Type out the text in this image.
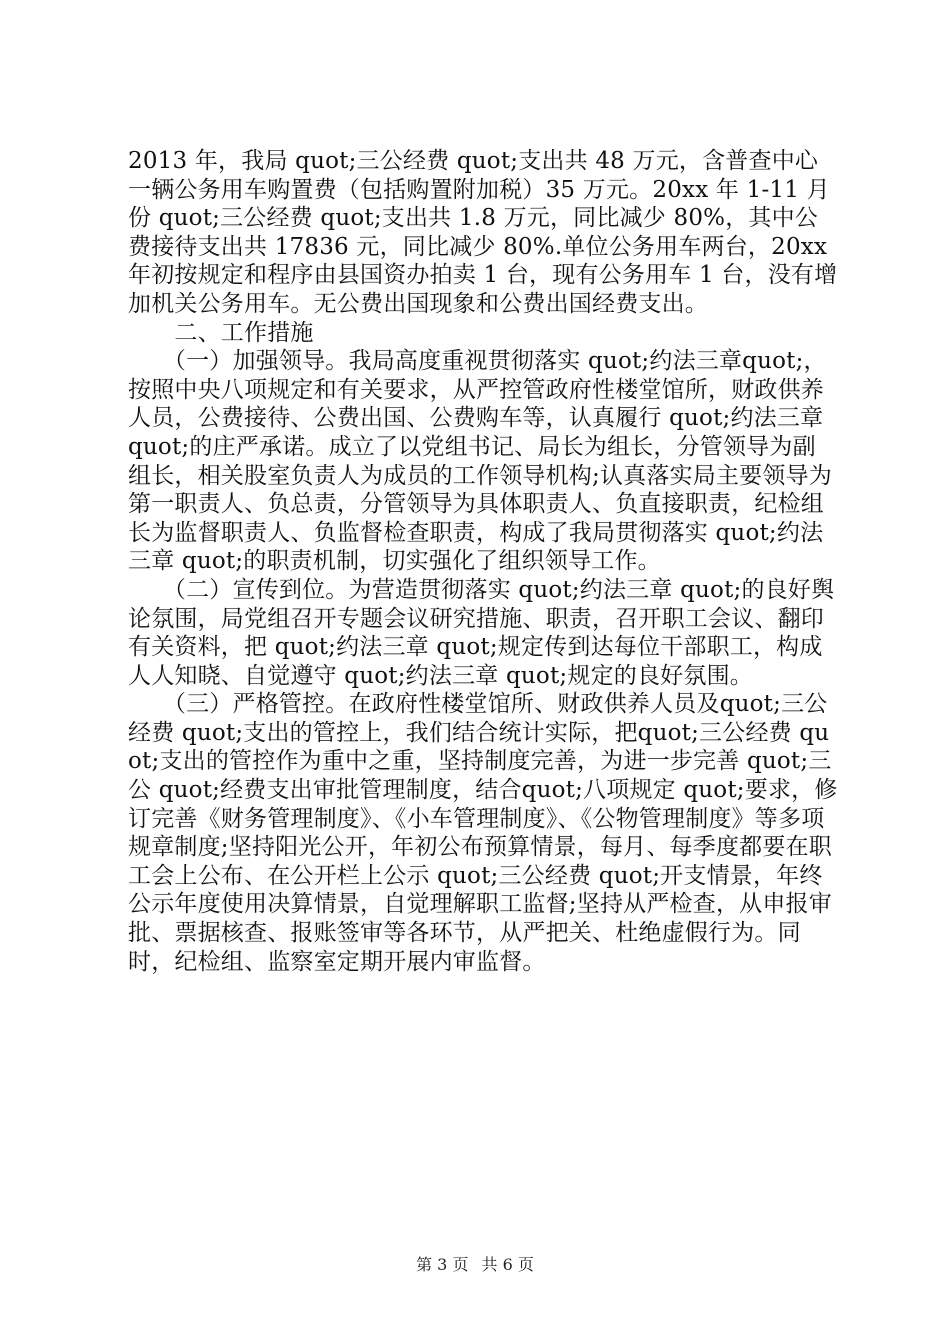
2013 年，我局 quot;三公经费 quot;支出共 48 万元，含普查中心一辆公务用车购置费（包括购置附加税）35 万元。20xx 年 1-11 月份 quot;三公经费 quot;支出共 1.8 万元，同比减少 80%，其中公费接待支出共 17836 元，同比减少 80%.单位公务用车两台，20xx 年初按规定和程序由县国资办拍卖 1 台，现有公务用车 1 台，没有增加机关公务用车。无公费出国现象和公费出国经费支出。

　　二、工作措施

　　（一）加强领导。我局高度重视贯彻落实 quot;约法三章quot;，按照中央八项规定和有关要求，从严控管政府性楼堂馆所，财政供养人员，公费接待、公费出国、公费购车等，认真履行 quot;约法三章 quot;的庄严承诺。成立了以党组书记、局长为组长，分管领导为副组长，相关股室负责人为成员的工作领导机构;认真落实局主要领导为第一职责人、负总责，分管领导为具体职责人、负直接职责，纪检组长为监督职责人、负监督检查职责，构成了我局贯彻落实 quot;约法三章 quot;的职责机制，切实强化了组织领导工作。

　　（二）宣传到位。为营造贯彻落实 quot;约法三章 quot;的良好舆论氛围，局党组召开专题会议研究措施、职责，召开职工会议、翻印有关资料，把 quot;约法三章 quot;规定传到达每位干部职工，构成人人知晓、自觉遵守 quot;约法三章 quot;规定的良好氛围。

　　（三）严格管控。在政府性楼堂馆所、财政供养人员及quot;三公经费 quot;支出的管控上，我们结合统计实际，把quot;三公经费 quot;支出的管控作为重中之重，坚持制度完善，为进一步完善 quot;三公 quot;经费支出审批管理制度，结合quot;八项规定 quot;要求，修订完善《财务管理制度》、《小车管理制度》、《公物管理制度》等多项规章制度;坚持阳光公开，年初公布预算情景，每月、每季度都要在职工会上公布、在公开栏上公示 quot;三公经费 quot;开支情景，年终公示年度使用决算情景，自觉理解职工监督;坚持从严检查，从申报审批、票据核查、报账签审等各环节，从严把关、杜绝虚假行为。同时，纪检组、监察室定期开展内审监督。

第 3 页 共 6 页
